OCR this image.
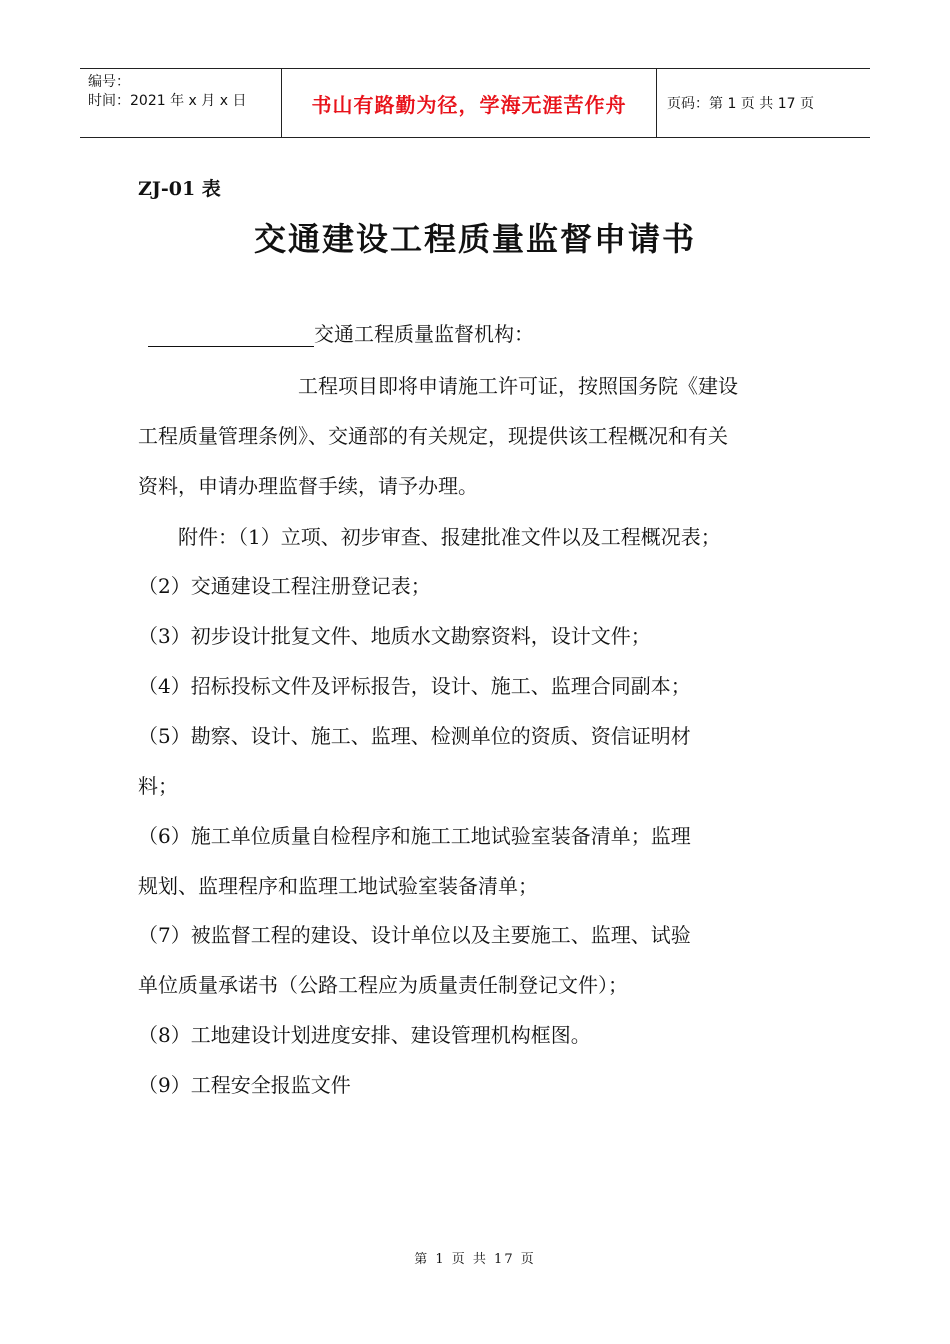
编号：
时间：2021 年 x 月 x 日	书山有路勤为径，学海无涯苦作舟	页码：第 1 页 共 17 页
ZJ-01 表
交通建设工程质量监督申请书
交通工程质量监督机构：
　　　　　　　　工程项目即将申请施工许可证，按照国务院《建设
工程质量管理条例》、交通部的有关规定，现提供该工程概况和有关
资料，申请办理监督手续，请予办理。
　　附件：（1）立项、初步审查、报建批准文件以及工程概况表；
（2）交通建设工程注册登记表；
（3）初步设计批复文件、地质水文勘察资料，设计文件；
（4）招标投标文件及评标报告，设计、施工、监理合同副本；
（5）勘察、设计、施工、监理、检测单位的资质、资信证明材
料；
（6）施工单位质量自检程序和施工工地试验室装备清单；监理
规划、监理程序和监理工地试验室装备清单；
（7）被监督工程的建设、设计单位以及主要施工、监理、试验
单位质量承诺书（公路工程应为质量责任制登记文件）；
（8）工地建设计划进度安排、建设管理机构框图。
（9）工程安全报监文件
第 1 页 共 17 页
